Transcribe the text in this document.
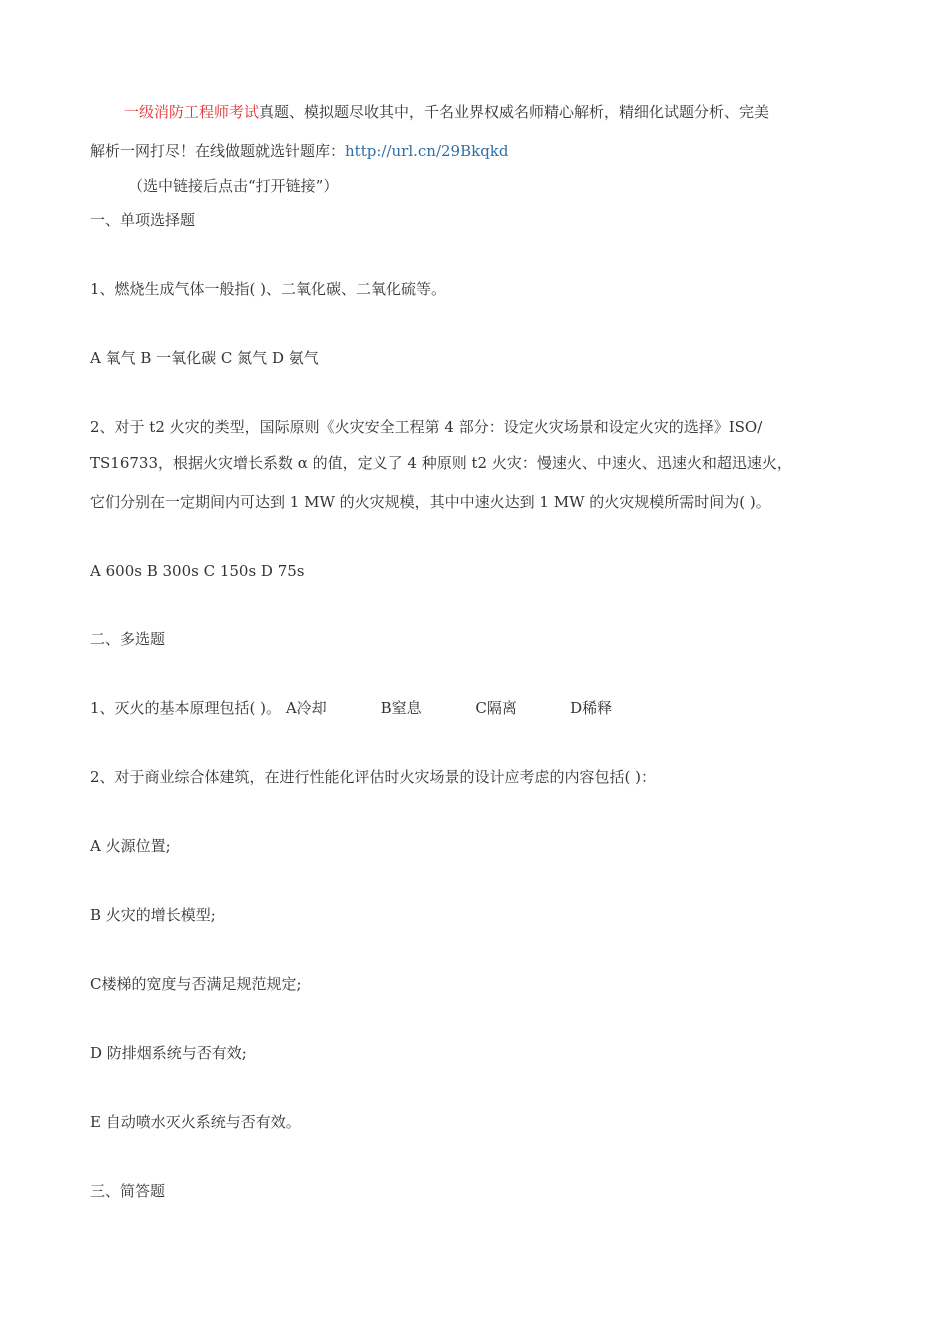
一级消防工程师考试真题、模拟题尽收其中，千名业界权威名师精心解析，精细化试题分析、完美
解析一网打尽！在线做题就选针题库：http://url.cn/29Bkqkd
（选中链接后点击“打开链接”）
一、单项选择题
1、燃烧生成气体一般指( )、二氧化碳、二氧化硫等。
A 氧气 B 一氧化碳 C 氮气 D 氨气
2、对于 t2 火灾的类型，国际原则《火灾安全工程第 4 部分：设定火灾场景和设定火灾的选择》ISO/
TS16733，根据火灾增长系数 α 的值，定义了 4 种原则 t2 火灾：慢速火、中速火、迅速火和超迅速火，
它们分别在一定期间内可达到 1 MW 的火灾规模，其中中速火达到 1 MW 的火灾规模所需时间为( )。
A 600s B 300s C 150s D 75s
二、多选题
1、灭火的基本原理包括( )。 A冷却	B窒息	C隔离	D稀释
2、对于商业综合体建筑，在进行性能化评估时火灾场景的设计应考虑的内容包括( )：
A 火源位置;
B 火灾的增长模型;
C楼梯的宽度与否满足规范规定;
D 防排烟系统与否有效;
E 自动喷水灭火系统与否有效。
三、简答题
